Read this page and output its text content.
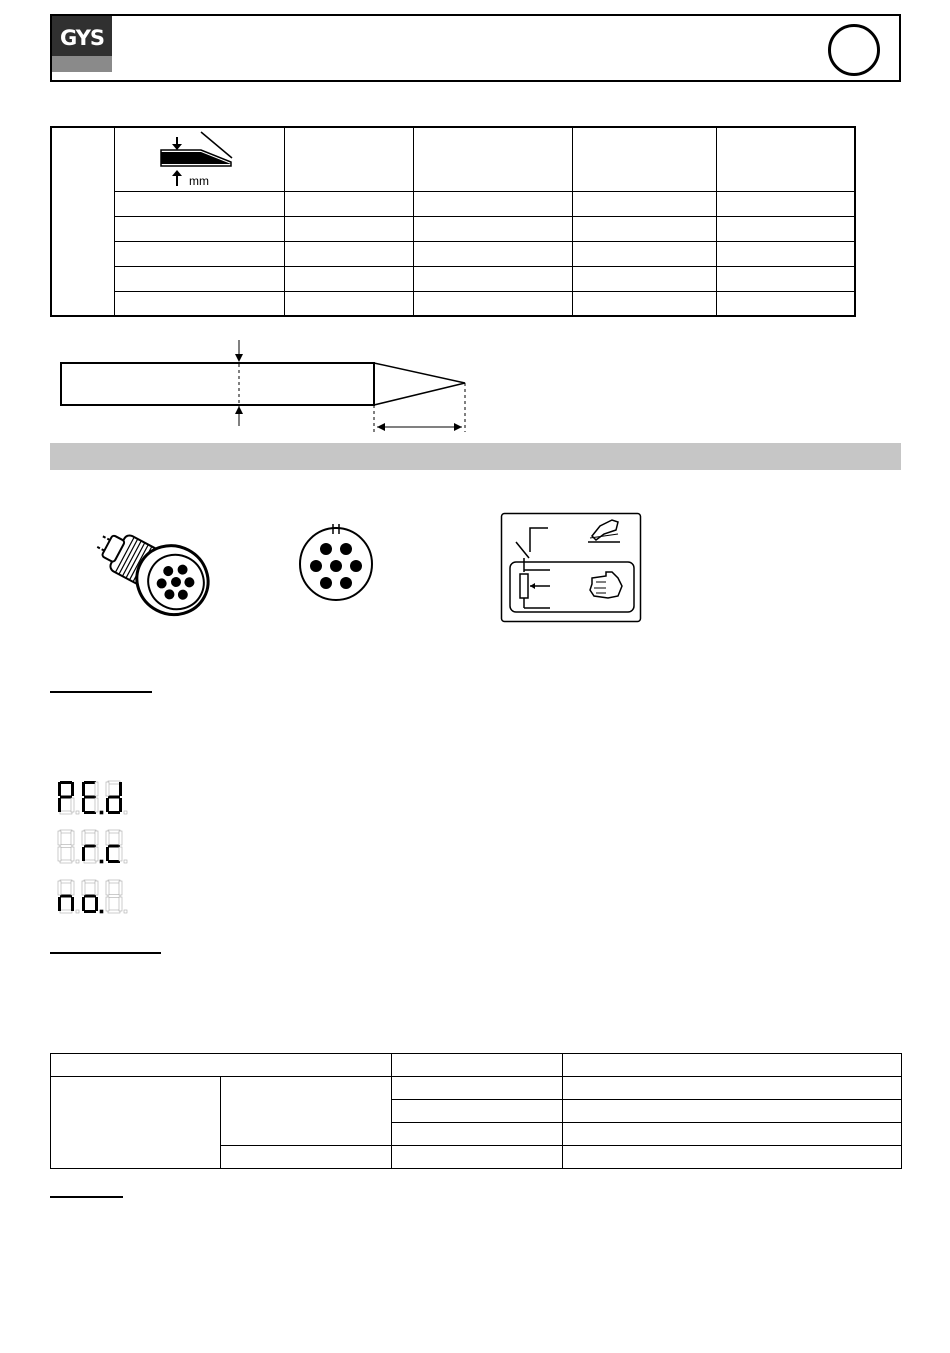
GYS

mm				
